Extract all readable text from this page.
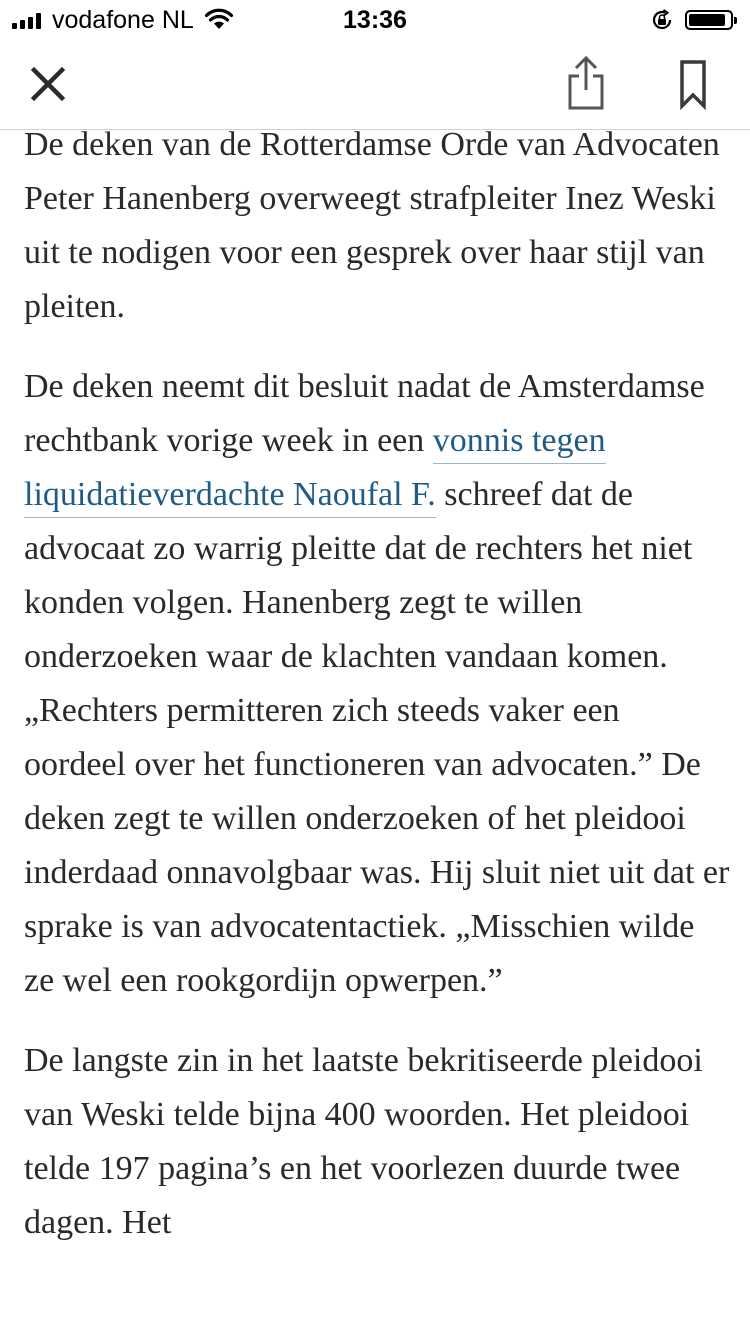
vodafone NL	13:36

De deken van de Rotterdamse Orde van Advocaten Peter Hanenberg overweegt strafpleiter Inez Weski uit te nodigen voor een gesprek over haar stijl van pleiten.

De deken neemt dit besluit nadat de Amsterdamse rechtbank vorige week in een vonnis tegen liquidatieverdachte Naoufal F. schreef dat de advocaat zo warrig pleitte dat de rechters het niet konden volgen. Hanenberg zegt te willen onderzoeken waar de klachten vandaan komen. „Rechters permitteren zich steeds vaker een oordeel over het functioneren van advocaten.” De deken zegt te willen onderzoeken of het pleidooi inderdaad onnavolgbaar was. Hij sluit niet uit dat er sprake is van advocatentactiek. „Misschien wilde ze wel een rookgordijn opwerpen.”

De langste zin in het laatste bekritiseerde pleidooi van Weski telde bijna 400 woorden. Het pleidooi telde 197 pagina’s en het voorlezen duurde twee dagen. Het
